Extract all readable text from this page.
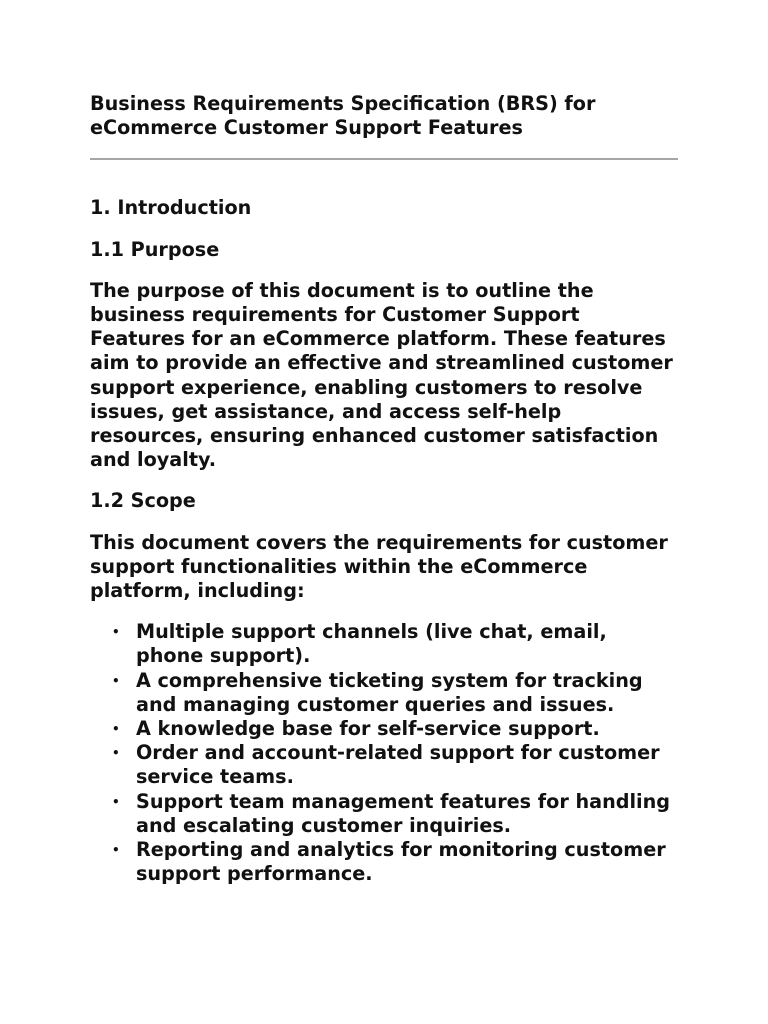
Business Requirements Specification (BRS) for
eCommerce Customer Support Features
1. Introduction
1.1 Purpose

The purpose of this document is to outline the business requirements for Customer Support Features for an eCommerce platform. These features aim to provide an effective and streamlined customer support experience, enabling customers to resolve issues, get assistance, and access self-help resources, ensuring enhanced customer satisfaction and loyalty.

1.2 Scope

This document covers the requirements for customer support functionalities within the eCommerce platform, including:

• Multiple support channels (live chat, email, phone support).
• A comprehensive ticketing system for tracking and managing customer queries and issues.
• A knowledge base for self-service support.
• Order and account-related support for customer service teams.
• Support team management features for handling and escalating customer inquiries.
• Reporting and analytics for monitoring customer support performance.
